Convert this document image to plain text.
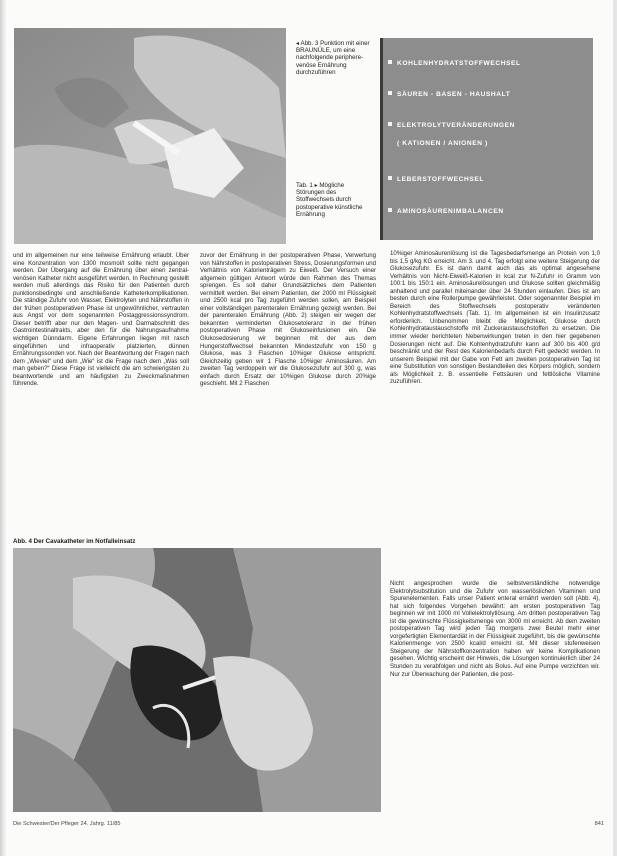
◂ Abb. 3 Punktion mit einer BRAUNÜLE, um eine nachfolgende periphere-venöse Ernährung durchzuführen
Tab. 1 ▸ Mögliche Störungen des Stoffwechsels durch postoperative künstliche Ernährung
KOHLENHYDRATSTOFFWECHSEL
SÄUREN - BASEN - HAUSHALT
ELEKTROLYTVERÄNDERUNGEN
( KATIONEN / ANIONEN )
LEBERSTOFFWECHSEL
AMINOSÄURENIMBALANCEN

und im allgemeinen nur eine teilweise Ernährung erlaubt. Über eine Konzentration von 1300 mosmol/l sollte nicht gegangen werden. Der Übergang auf die Ernährung über einen zentral-venösen Katheter nicht ausgeführt werden. In Rechnung gestellt werden muß allerdings das Risiko für den Patienten durch punktionsbedingte und anschließende Katheterkomplikationen. Die ständige Zufuhr von Wasser, Elektrolyten und Nährstoffen in der frühen postoperativen Phase ist ungewöhnlicher, vertrauten aus Angst vor dem sogenannten Postaggressionssyndrom. Dieser betrifft aber nur den Magen- und Darmabschnitt des Gastrointestinaltrakts, aber den für die Nahrungsaufnahme wichtigen Dünndarm. Eigene Erfahrungen liegen mit rasch eingeführten und infraoperativ platzierten, dünnen Ernährungssonden vor. Nach der Beantwortung der Fragen nach dem „Wieviel“ und dem „Wie“ ist die Frage nach dem „Was soll man geben?“ Diese Frage ist vielleicht die am schwierigsten zu beantwortende und am häufigsten zu Zweckmaßnahmen führende.

zuvor der Ernährung in der postoperativen Phase, Verwertung von Nährstoffen in postoperativen Stress, Dosierungsformen und Verhältnis von Kalorienträgern zu Eiweiß. Der Versuch einer allgemein gültigen Antwort würde den Rahmen des Themas sprengen. Es soll daher Grundsätzliches dem Patienten vermittelt werden. Bei einem Patienten, der 2000 ml Flüssigkeit und 2500 kcal pro Tag zugeführt werden sollen, am Beispiel einer vollständigen parenteralen Ernährung gezeigt werden. Bei der parenteralen Ernährung (Abb. 2) steigen wir wegen der bekannten verminderten Glukosetoleranz in der frühen postoperativen Phase mit Glukoseinfusionen ein. Die Glukosedosierung wir beginnen mit der aus dem Hungerstoffwechsel bekannten Mindestzufuhr von 150 g Glukose, was 3 Flaschen 10%iger Glukose entspricht. Gleichzeitig geben wir 1 Flasche 10%iger Aminosäuren. Am zweiten Tag verdoppeln wir die Glukosezufuhr auf 300 g, was einfach durch Ersatz der 10%igen Glukose durch 20%ige geschieht. Mit 2 Flaschen

10%iger Aminosäurenlösung ist die Tagesbedarfsmenge an Protein von 1,0 bis 1,5 g/kg KG erreicht. Am 3. und 4. Tag erfolgt eine weitere Steigerung der Glukosezufuhr. Es ist dann damit auch das als optimal angesehene Verhältnis von Nicht-Eiweiß-Kalorien in kcal zur N-Zufuhr in Gramm von 100:1 bis 150:1 ein. Aminosäurelösungen und Glukose sollten gleichmäßig anhaltend und parallel miteinander über 24 Stunden einlaufen. Dies ist am besten durch eine Rollerpumpe gewährleistet. Oder sogenannter Beispiel im Bereich des Stoffwechsels postoperativ veränderten Kohlenhydratstoffwechsels (Tab. 1). Im allgemeinen ist ein Insulinzusatz erforderlich. Unbenommen bleibt die Möglichkeit, Glukose durch Kohlenhydrataustauschstoffe mit Zuckeraustauschstoffen zu ersetzen. Die immer wieder berichteten Nebenwirkungen treten in den hier gegebenen Dosierungen nicht auf. Die Kohlenhydratzufuhr kann auf 300 bis 400 g/d beschränkt und der Rest des Kalorienbedarfs durch Fett gedeckt werden. In unserem Beispiel mit der Gabe von Fett am zweiten postoperativen Tag ist eine Substitution von sonstigen Bestandteilen des Körpers möglich, sondern als Möglichkeit z. B. essentielle Fettsäuren und fettlösliche Vitamine zuzuführen.

Nicht angesprochen wurde die selbstverständliche notwendige Elektrolytsubstitution und die Zufuhr von wasserlöslichen Vitaminen und Spurenelementen. Falls unser Patient enteral ernährt werden soll (Abb. 4), hat sich folgendes Vorgehen bewährt: am ersten postoperativen Tag beginnen wir mit 1000 ml Vollelektrolytlösung. Am dritten postoperativen Tag ist die gewünschte Flüssigkeitsmenge von 3000 ml erreicht. Ab dem zweiten postoperativen Tag wird jeden Tag morgens zwei Beutel mehr einer vorgefertigten Elementardiät in der Flüssigkeit zugeführt, bis die gewünschte Kalorienmenge von 2500 kcal/d erreicht ist. Mit dieser stufenweisen Steigerung der Nährstoffkonzentration haben wir keine Komplikationen gesehen. Wichtig erscheint der Hinweis, die Lösungen kontinuierlich über 24 Stunden zu verabfolgen und nicht als Bolus. Auf eine Pumpe verzichten wir. Nur zur Überwachung der Patienten, die post-

Abb. 4 Der Cavakatheter im Notfalleinsatz
Die Schwester/Der Pfleger 24. Jahrg. 11/85	841
